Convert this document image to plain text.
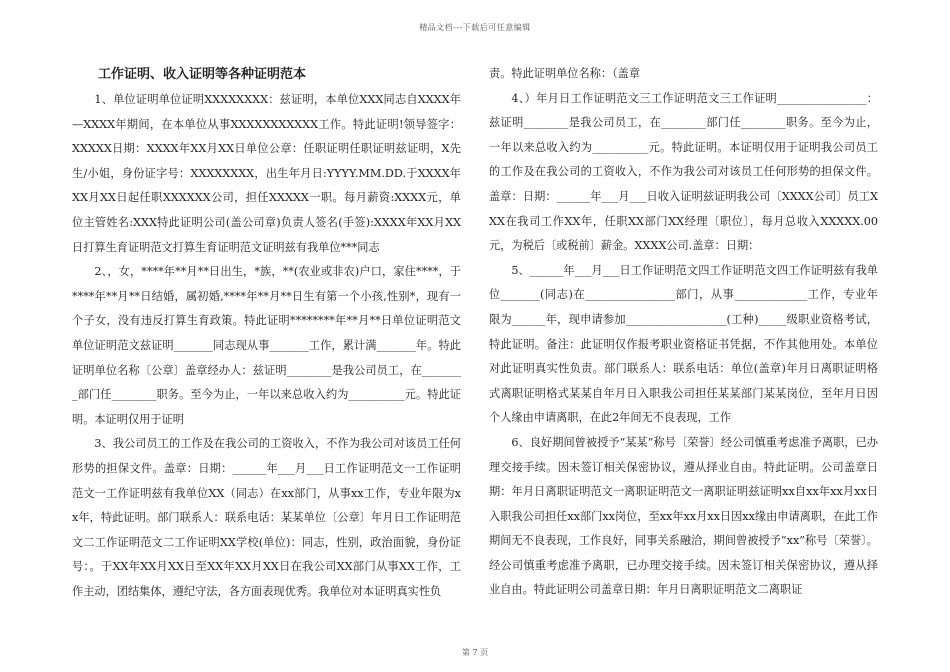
精品文档---下载后可任意编辑

工作证明、收入证明等各种证明范本

1、单位证明单位证明XXXXXXXX：兹证明，本单位XXX同志自XXXX年—XXXX年期间，在本单位从事XXXXXXXXXXX工作。特此证明!领导签字：XXXXX日期：XXXX年XX月XX日单位公章：任职证明任职证明兹证明，X先生/小姐，身份证字号：XXXXXXXX，出生年月日:YYYY.MM.DD.于XXXX年XX月XX日起任职XXXXXX公司，担任XXXXX一职。每月薪资:XXXX元，单位主管姓名:XXX特此证明公司(盖公司章)负责人签名(手签):XXXX年XX月XX日打算生育证明范文打算生育证明范文证明兹有我单位***同志

2、，女，****年**月**日出生，*族，**(农业或非农)户口，家住****，于****年**月**日结婚，属初婚,****年**月**日生有第一个小孩,性别*，现有一个子女，没有违反打算生育政策。特此证明********年**月**日单位证明范文单位证明范文兹证明_______同志现从事_______工作，累计满_______年。特此证明单位名称〔公章〕盖章经办人：兹证明________是我公司员工，在________部门任________职务。至今为止，一年以来总收入约为__________元。特此证明。本证明仅用于证明

3、我公司员工的工作及在我公司的工资收入，不作为我公司对该员工任何形势的担保文件。盖章：日期：______年___月___日工作证明范文一工作证明范文一工作证明兹有我单位XX（同志）在xx部门，从事xx工作，专业年限为xx年，特此证明。部门联系人：联系电话：某某单位〔公章〕年月日工作证明范文二工作证明范文二工作证明XX学校(单位)：同志，性别，政治面貌，身份证号：。于XX年XX月XX日至XX年XX月XX日在我公司XX部门从事XX工作，工作主动，团结集体，遵纪守法，各方面表现优秀。我单位对本证明真实性负

责。特此证明单位名称：（盖章

4、）年月日工作证明范文三工作证明范文三工作证明________________：兹证明________是我公司员工，在________部门任________职务。至今为止，一年以来总收入约为__________元。特此证明。本证明仅用于证明我公司员工的工作及在我公司的工资收入，不作为我公司对该员工任何形势的担保文件。盖章：日期：______年___月___日收入证明兹证明我公司〔XXXX公司〕员工XXX在我司工作XX年，任职XX部门XX经理〔职位〕，每月总收入XXXXX.00元，为税后〔或税前〕薪金。XXXX公司.盖章：日期：

5、______年___月___日工作证明范文四工作证明范文四工作证明兹有我单位_______(同志)在________________部门，从事_____________工作，专业年限为______年，现申请参加__________________(工种)_____级职业资格考试，特此证明。备注：此证明仅作报考职业资格证书凭据，不作其他用处。本单位对此证明真实性负责。部门联系人：联系电话：单位(盖章)年月日离职证明格式离职证明格式某某自年月日入职我公司担任某某部门某某岗位，至年月日因个人缘由申请离职，在此2年间无不良表现，工作

6、良好期间曾被授予“某某”称号〔荣誉〕经公司慎重考虑准予离职，已办理交接手续。因未签订相关保密协议，遵从择业自由。特此证明。公司盖章日期：年月日离职证明范文一离职证明范文一离职证明兹证明xx自xx年xx月xx日入职我公司担任xx部门xx岗位，至xx年xx月xx日因xx缘由申请离职，在此工作期间无不良表现，工作良好，同事关系融洽，期间曾被授予“xx”称号〔荣誉〕。经公司慎重考虑准予离职，已办理交接手续。因未签订相关保密协议，遵从择业自由。特此证明公司盖章日期：年月日离职证明范文二离职证

第 7 页
